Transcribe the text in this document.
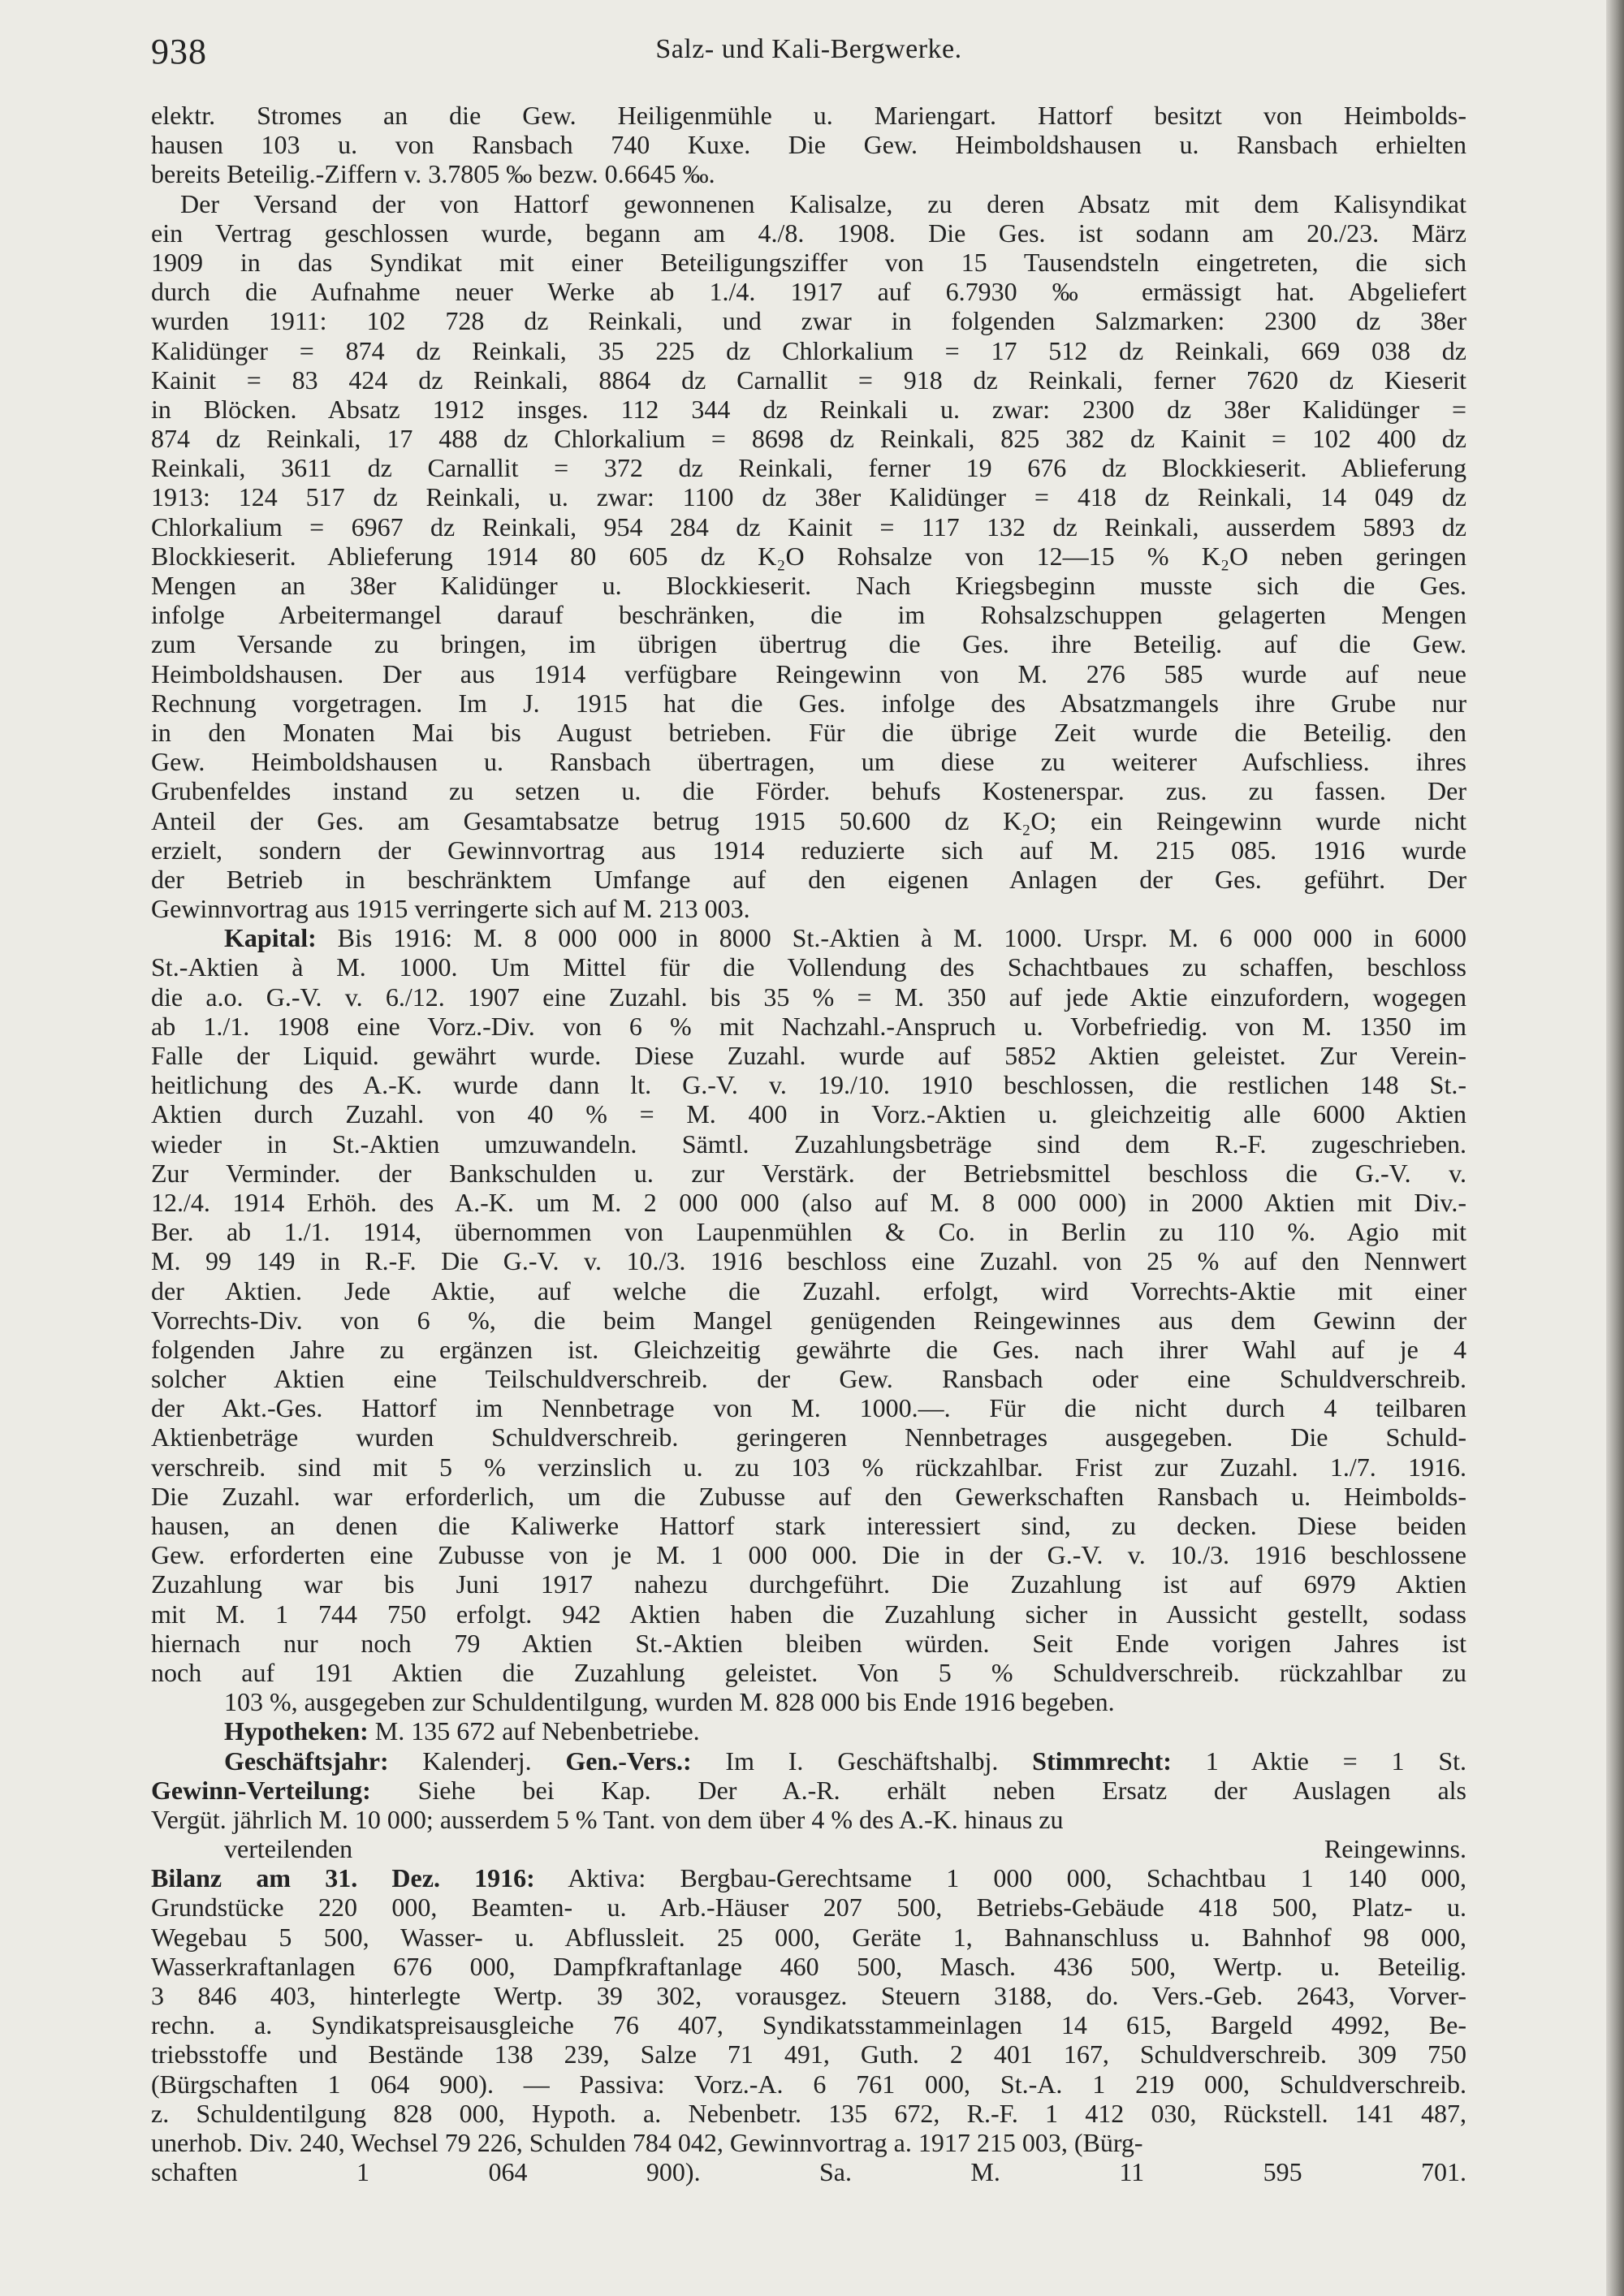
938	Salz- und Kali-Bergwerke.
elektr. Stromes an die Gew. Heiligenmühle u. Mariengart. Hattorf besitzt von Heimbolds-
hausen 103 u. von Ransbach 740 Kuxe. Die Gew. Heimboldshausen u. Ransbach erhielten
bereits Beteilig.-Ziffern v. 3.7805 ‰ bezw. 0.6645 ‰.
Der Versand der von Hattorf gewonnenen Kalisalze, zu deren Absatz mit dem Kalisyndikat
ein Vertrag geschlossen wurde, begann am 4./8. 1908. Die Ges. ist sodann am 20./23. März
1909 in das Syndikat mit einer Beteiligungsziffer von 15 Tausendsteln eingetreten, die sich
durch die Aufnahme neuer Werke ab 1./4. 1917 auf 6.7930 ‰ ermässigt hat. Abgeliefert
wurden 1911: 102 728 dz Reinkali, und zwar in folgenden Salzmarken: 2300 dz 38er
Kalidünger = 874 dz Reinkali, 35 225 dz Chlorkalium = 17 512 dz Reinkali, 669 038 dz
Kainit = 83 424 dz Reinkali, 8864 dz Carnallit = 918 dz Reinkali, ferner 7620 dz Kieserit
in Blöcken. Absatz 1912 insges. 112 344 dz Reinkali u. zwar: 2300 dz 38er Kalidünger =
874 dz Reinkali, 17 488 dz Chlorkalium = 8698 dz Reinkali, 825 382 dz Kainit = 102 400 dz
Reinkali, 3611 dz Carnallit = 372 dz Reinkali, ferner 19 676 dz Blockkieserit. Ablieferung
1913: 124 517 dz Reinkali, u. zwar: 1100 dz 38er Kalidünger = 418 dz Reinkali, 14 049 dz
Chlorkalium = 6967 dz Reinkali, 954 284 dz Kainit = 117 132 dz Reinkali, ausserdem 5893 dz
Blockkieserit. Ablieferung 1914 80 605 dz K₂O Rohsalze von 12—15 % K₂O neben geringen
Mengen an 38er Kalidünger u. Blockkieserit. Nach Kriegsbeginn musste sich die Ges.
infolge Arbeitermangel darauf beschränken, die im Rohsalzschuppen gelagerten Mengen
zum Versande zu bringen, im übrigen übertrug die Ges. ihre Beteilig. auf die Gew.
Heimboldshausen. Der aus 1914 verfügbare Reingewinn von M. 276 585 wurde auf neue
Rechnung vorgetragen. Im J. 1915 hat die Ges. infolge des Absatzmangels ihre Grube nur
in den Monaten Mai bis August betrieben. Für die übrige Zeit wurde die Beteilig. den
Gew. Heimboldshausen u. Ransbach übertragen, um diese zu weiterer Aufschliess. ihres
Grubenfeldes instand zu setzen u. die Förder. behufs Kostenerspar. zus. zu fassen. Der
Anteil der Ges. am Gesamtabsatze betrug 1915 50.600 dz K₂O; ein Reingewinn wurde nicht
erzielt, sondern der Gewinnvortrag aus 1914 reduzierte sich auf M. 215 085. 1916 wurde
der Betrieb in beschränktem Umfange auf den eigenen Anlagen der Ges. geführt. Der
Gewinnvortrag aus 1915 verringerte sich auf M. 213 003.
Kapital: Bis 1916: M. 8 000 000 in 8000 St.-Aktien à M. 1000. Urspr. M. 6 000 000 in 6000
St.-Aktien à M. 1000. Um Mittel für die Vollendung des Schachtbaues zu schaffen, beschloss
die a.o. G.-V. v. 6./12. 1907 eine Zuzahl. bis 35 % = M. 350 auf jede Aktie einzufordern, wogegen
ab 1./1. 1908 eine Vorz.-Div. von 6 % mit Nachzahl.-Anspruch u. Vorbefriedig. von M. 1350 im
Falle der Liquid. gewährt wurde. Diese Zuzahl. wurde auf 5852 Aktien geleistet. Zur Verein-
heitlichung des A.-K. wurde dann lt. G.-V. v. 19./10. 1910 beschlossen, die restlichen 148 St.-
Aktien durch Zuzahl. von 40 % = M. 400 in Vorz.-Aktien u. gleichzeitig alle 6000 Aktien
wieder in St.-Aktien umzuwandeln. Sämtl. Zuzahlungsbeträge sind dem R.-F. zugeschrieben.
Zur Verminder. der Bankschulden u. zur Verstärk. der Betriebsmittel beschloss die G.-V. v.
12./4. 1914 Erhöh. des A.-K. um M. 2 000 000 (also auf M. 8 000 000) in 2000 Aktien mit Div.-
Ber. ab 1./1. 1914, übernommen von Laupenmühlen & Co. in Berlin zu 110 %. Agio mit
M. 99 149 in R.-F. Die G.-V. v. 10./3. 1916 beschloss eine Zuzahl. von 25 % auf den Nennwert
der Aktien. Jede Aktie, auf welche die Zuzahl. erfolgt, wird Vorrechts-Aktie mit einer
Vorrechts-Div. von 6 %, die beim Mangel genügenden Reingewinnes aus dem Gewinn der
folgenden Jahre zu ergänzen ist. Gleichzeitig gewährte die Ges. nach ihrer Wahl auf je 4
solcher Aktien eine Teilschuldverschreib. der Gew. Ransbach oder eine Schuldverschreib.
der Akt.-Ges. Hattorf im Nennbetrage von M. 1000.—. Für die nicht durch 4 teilbaren
Aktienbeträge wurden Schuldverschreib. geringeren Nennbetrages ausgegeben. Die Schuld-
verschreib. sind mit 5 % verzinslich u. zu 103 % rückzahlbar. Frist zur Zuzahl. 1./7. 1916.
Die Zuzahl. war erforderlich, um die Zubusse auf den Gewerkschaften Ransbach u. Heimbolds-
hausen, an denen die Kaliwerke Hattorf stark interessiert sind, zu decken. Diese beiden
Gew. erforderten eine Zubusse von je M. 1 000 000. Die in der G.-V. v. 10./3. 1916 beschlossene
Zuzahlung war bis Juni 1917 nahezu durchgeführt. Die Zuzahlung ist auf 6979 Aktien
mit M. 1 744 750 erfolgt. 942 Aktien haben die Zuzahlung sicher in Aussicht gestellt, sodass
hiernach nur noch 79 Aktien St.-Aktien bleiben würden. Seit Ende vorigen Jahres ist
noch auf 191 Aktien die Zuzahlung geleistet. Von 5 % Schuldverschreib. rückzahlbar zu
103 %, ausgegeben zur Schuldentilgung, wurden M. 828 000 bis Ende 1916 begeben.
Hypotheken: M. 135 672 auf Nebenbetriebe.
Geschäftsjahr: Kalenderj. Gen.-Vers.: Im I. Geschäftshalbj. Stimmrecht: 1 Aktie = 1 St.
Gewinn-Verteilung: Siehe bei Kap. Der A.-R. erhält neben Ersatz der Auslagen als
Vergüt. jährlich M. 10 000; ausserdem 5 % Tant. von dem über 4 % des A.-K. hinaus zu
verteilenden Reingewinns.
Bilanz am 31. Dez. 1916: Aktiva: Bergbau-Gerechtsame 1 000 000, Schachtbau 1 140 000,
Grundstücke 220 000, Beamten- u. Arb.-Häuser 207 500, Betriebs-Gebäude 418 500, Platz- u.
Wegebau 5 500, Wasser- u. Abflussleit. 25 000, Geräte 1, Bahnanschluss u. Bahnhof 98 000,
Wasserkraftanlagen 676 000, Dampfkraftanlage 460 500, Masch. 436 500, Wertp. u. Beteilig.
3 846 403, hinterlegte Wertp. 39 302, vorausgez. Steuern 3188, do. Vers.-Geb. 2643, Vorver-
rechn. a. Syndikatspreisausgleiche 76 407, Syndikatsstammeinlagen 14 615, Bargeld 4992, Be-
triebsstoffe und Bestände 138 239, Salze 71 491, Guth. 2 401 167, Schuldverschreib. 309 750
(Bürgschaften 1 064 900). — Passiva: Vorz.-A. 6 761 000, St.-A. 1 219 000, Schuldverschreib.
z. Schuldentilgung 828 000, Hypoth. a. Nebenbetr. 135 672, R.-F. 1 412 030, Rückstell. 141 487,
unerhob. Div. 240, Wechsel 79 226, Schulden 784 042, Gewinnvortrag a. 1917 215 003, (Bürg-
schaften 1 064 900). Sa. M. 11 595 701.
